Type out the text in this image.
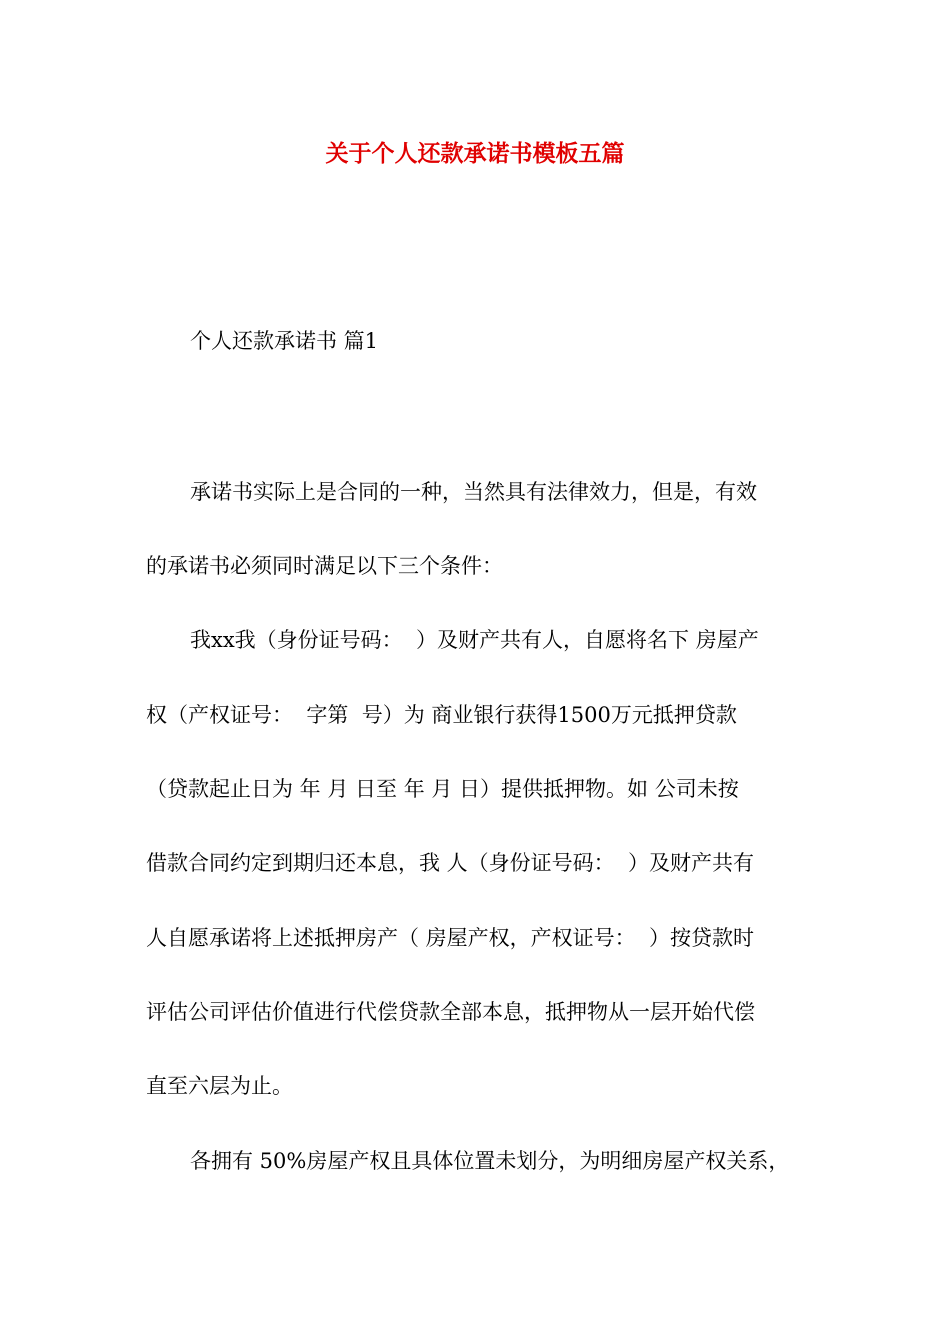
关于个人还款承诺书模板五篇

个人还款承诺书 篇1

承诺书实际上是合同的一种，当然具有法律效力，但是，有效

的承诺书必须同时满足以下三个条件：

我xx我（身份证号码：  ）及财产共有人，自愿将名下 房屋产

权（产权证号：  字第  号）为 商业银行获得1500万元抵押贷款

（贷款起止日为 年 月 日至 年 月 日）提供抵押物。如 公司未按

借款合同约定到期归还本息，我 人（身份证号码：  ）及财产共有

人自愿承诺将上述抵押房产（ 房屋产权，产权证号：  ）按贷款时

评估公司评估价值进行代偿贷款全部本息，抵押物从一层开始代偿

直至六层为止。

各拥有 50%房屋产权且具体位置未划分，为明细房屋产权关系，
